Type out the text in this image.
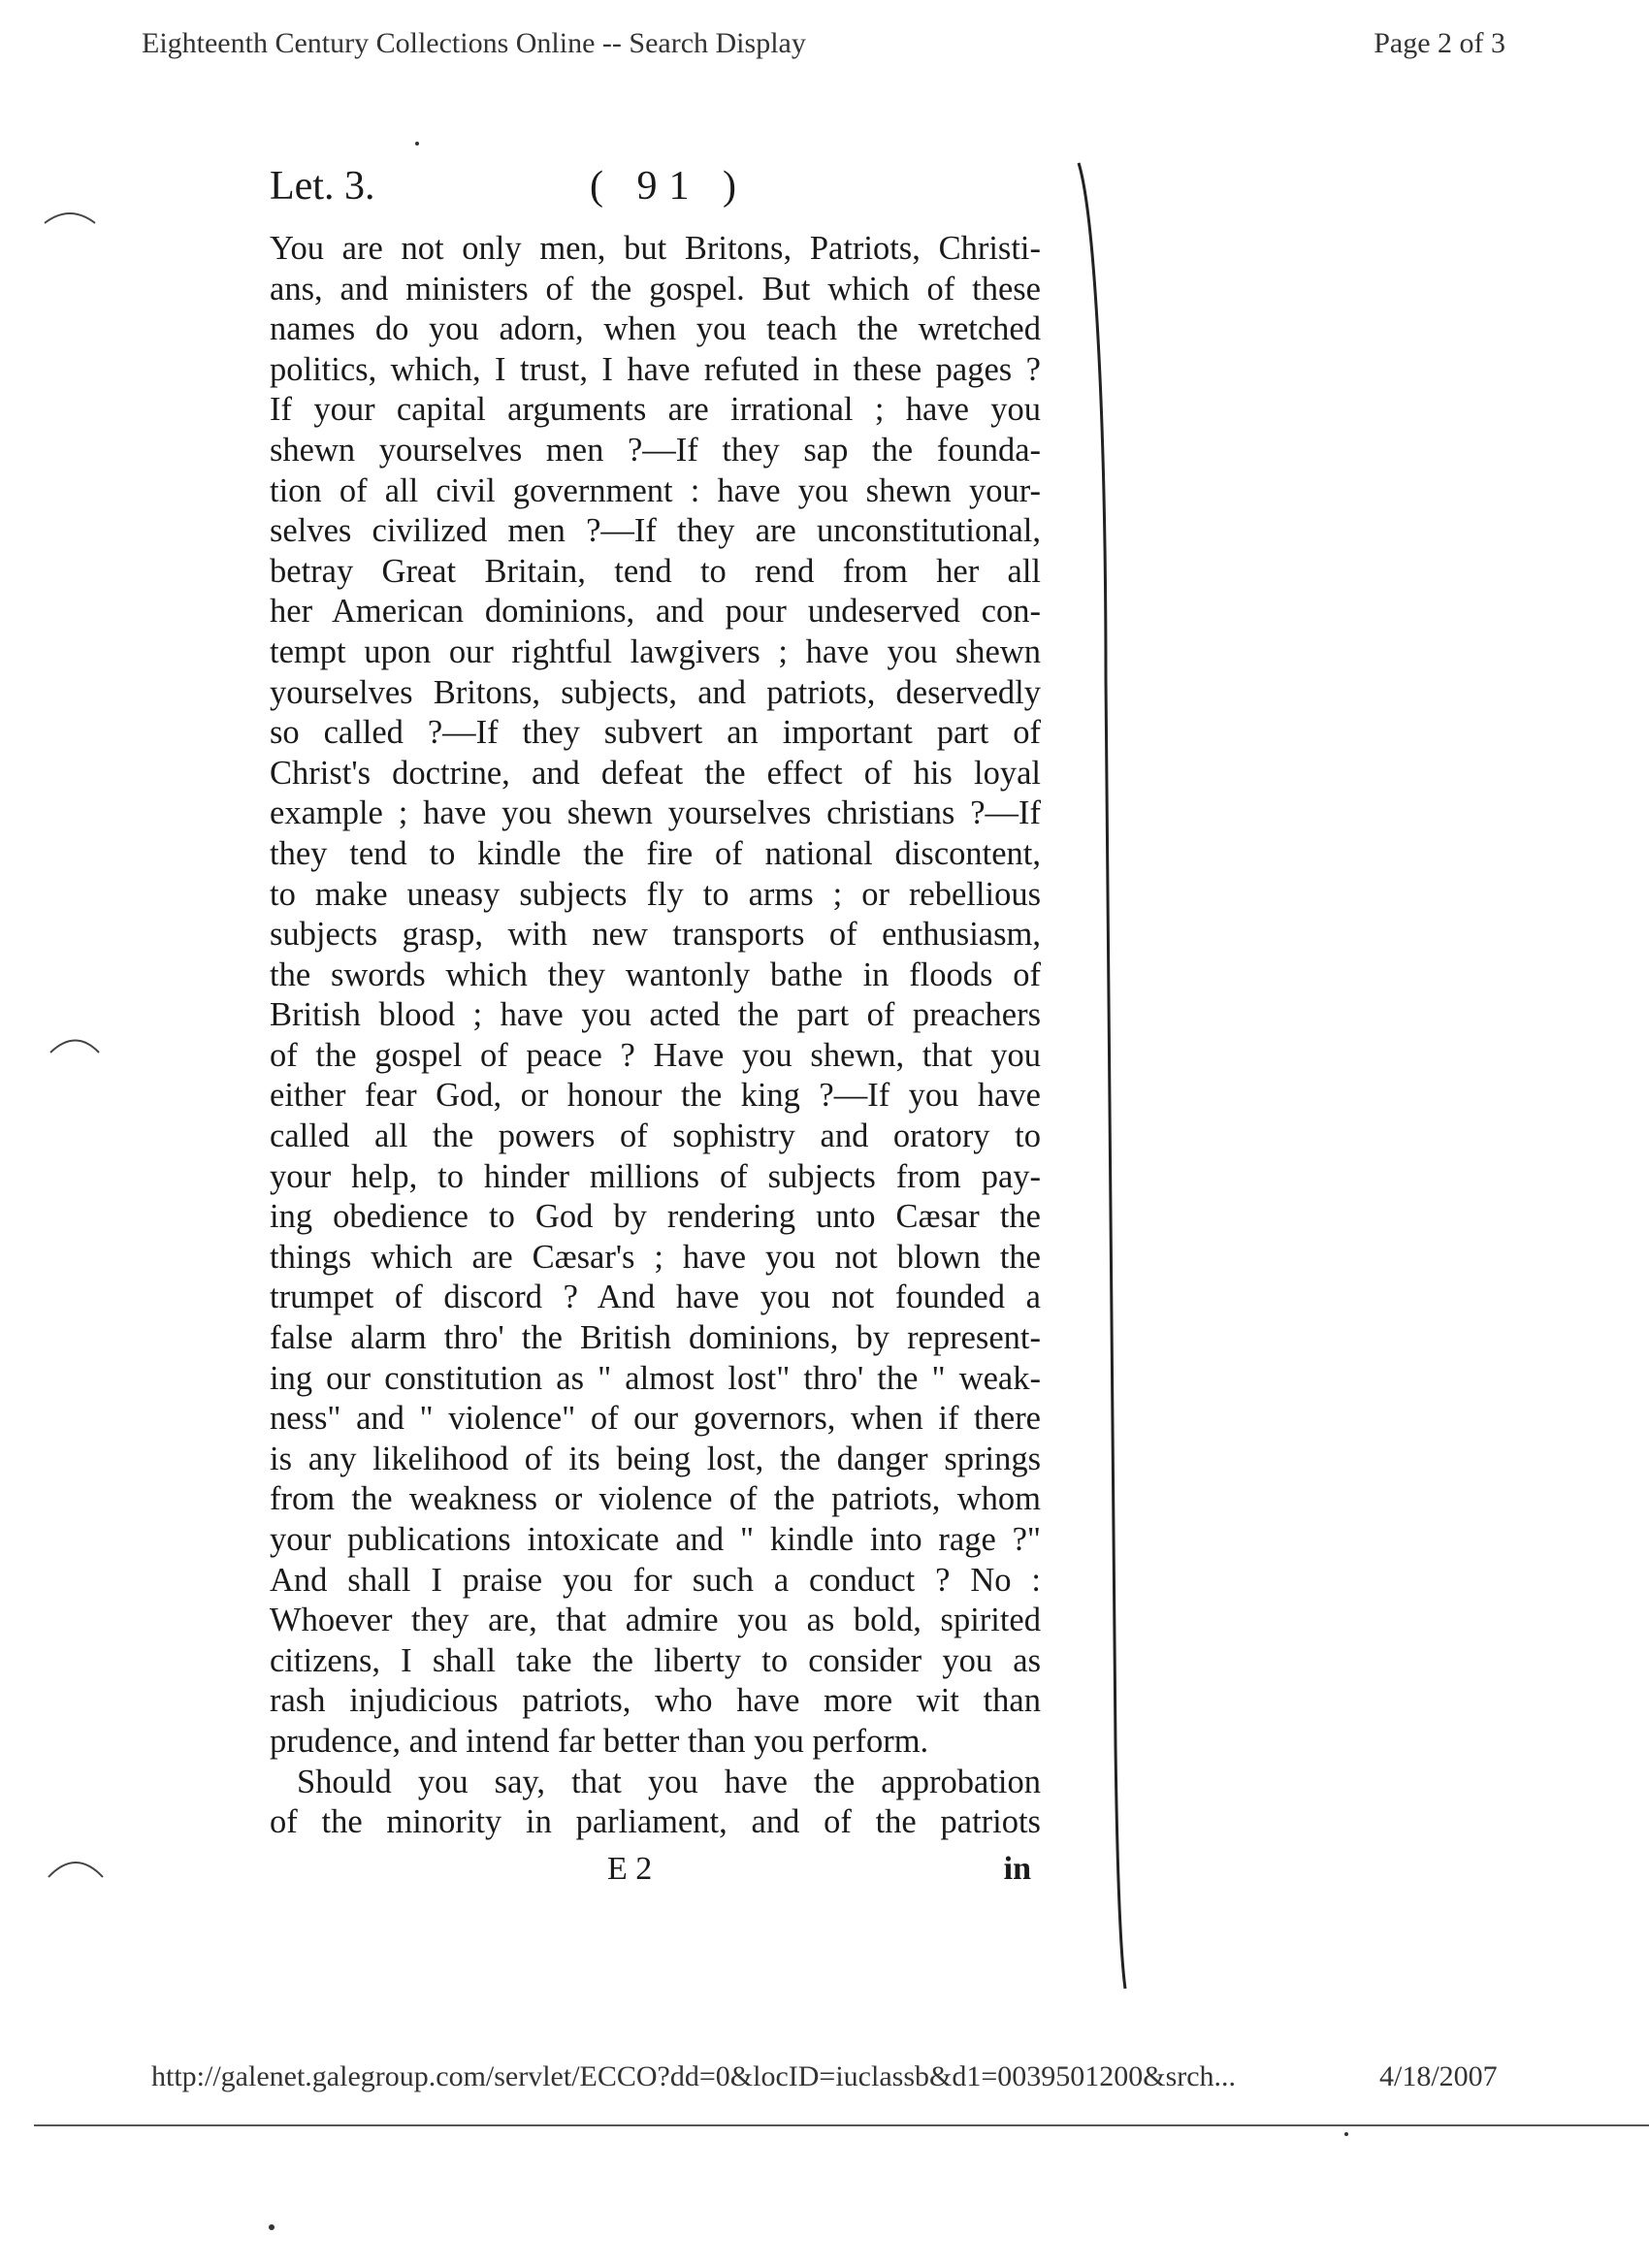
Eighteenth Century Collections Online -- Search Display	Page 2 of 3
Let. 3.	( 91 )
You are not only men, but Britons, Patriots, Christi-
ans, and ministers of the gospel. But which of these
names do you adorn, when you teach the wretched
politics, which, I trust, I have refuted in these pages ?
If your capital arguments are irrational ; have you
shewn yourselves men ?—If they sap the founda-
tion of all civil government : have you shewn your-
selves civilized men ?—If they are unconstitutional,
betray Great Britain, tend to rend from her all
her American dominions, and pour undeserved con-
tempt upon our rightful lawgivers ; have you shewn
yourselves Britons, subjects, and patriots, deservedly
so called ?—If they subvert an important part of
Christ's doctrine, and defeat the effect of his loyal
example ; have you shewn yourselves christians ?—If
they tend to kindle the fire of national discontent,
to make uneasy subjects fly to arms ; or rebellious
subjects grasp, with new transports of enthusiasm,
the swords which they wantonly bathe in floods of
British blood ; have you acted the part of preachers
of the gospel of peace ? Have you shewn, that you
either fear God, or honour the king ?—If you have
called all the powers of sophistry and oratory to
your help, to hinder millions of subjects from pay-
ing obedience to God by rendering unto Cæsar the
things which are Cæsar's ; have you not blown the
trumpet of discord ? And have you not founded a
false alarm thro' the British dominions, by represent-
ing our constitution as " almost lost" thro' the " weak-
ness" and " violence" of our governors, when if there
is any likelihood of its being lost, the danger springs
from the weakness or violence of the patriots, whom
your publications intoxicate and " kindle into rage ?"
And shall I praise you for such a conduct ? No :
Whoever they are, that admire you as bold, spirited
citizens, I shall take the liberty to consider you as
rash injudicious patriots, who have more wit than
prudence, and intend far better than you perform.
Should you say, that you have the approbation
of the minority in parliament, and of the patriots
E 2	in
http://galenet.galegroup.com/servlet/ECCO?dd=0&locID=iuclassb&d1=0039501200&srch...	4/18/2007
